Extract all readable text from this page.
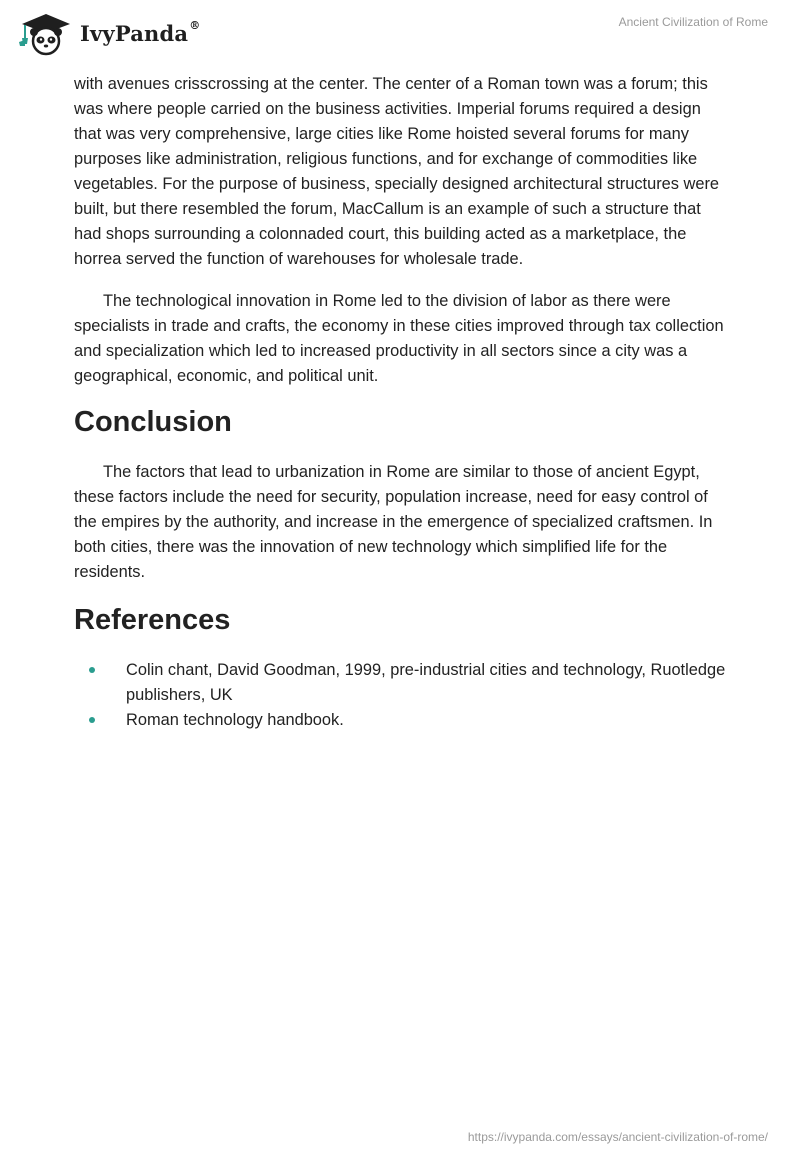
IvyPanda®	Ancient Civilization of Rome

with avenues crisscrossing at the center. The center of a Roman town was a forum; this was where people carried on the business activities. Imperial forums required a design that was very comprehensive, large cities like Rome hoisted several forums for many purposes like administration, religious functions, and for exchange of commodities like vegetables. For the purpose of business, specially designed architectural structures were built, but there resembled the forum, MacCallum is an example of such a structure that had shops surrounding a colonnaded court, this building acted as a marketplace, the horrea served the function of warehouses for wholesale trade.

The technological innovation in Rome led to the division of labor as there were specialists in trade and crafts, the economy in these cities improved through tax collection and specialization which led to increased productivity in all sectors since a city was a geographical, economic, and political unit.

Conclusion

The factors that lead to urbanization in Rome are similar to those of ancient Egypt, these factors include the need for security, population increase, need for easy control of the empires by the authority, and increase in the emergence of specialized craftsmen. In both cities, there was the innovation of new technology which simplified life for the residents.

References
Colin chant, David Goodman, 1999, pre-industrial cities and technology, Ruotledge publishers, UK
Roman technology handbook.
https://ivypanda.com/essays/ancient-civilization-of-rome/
